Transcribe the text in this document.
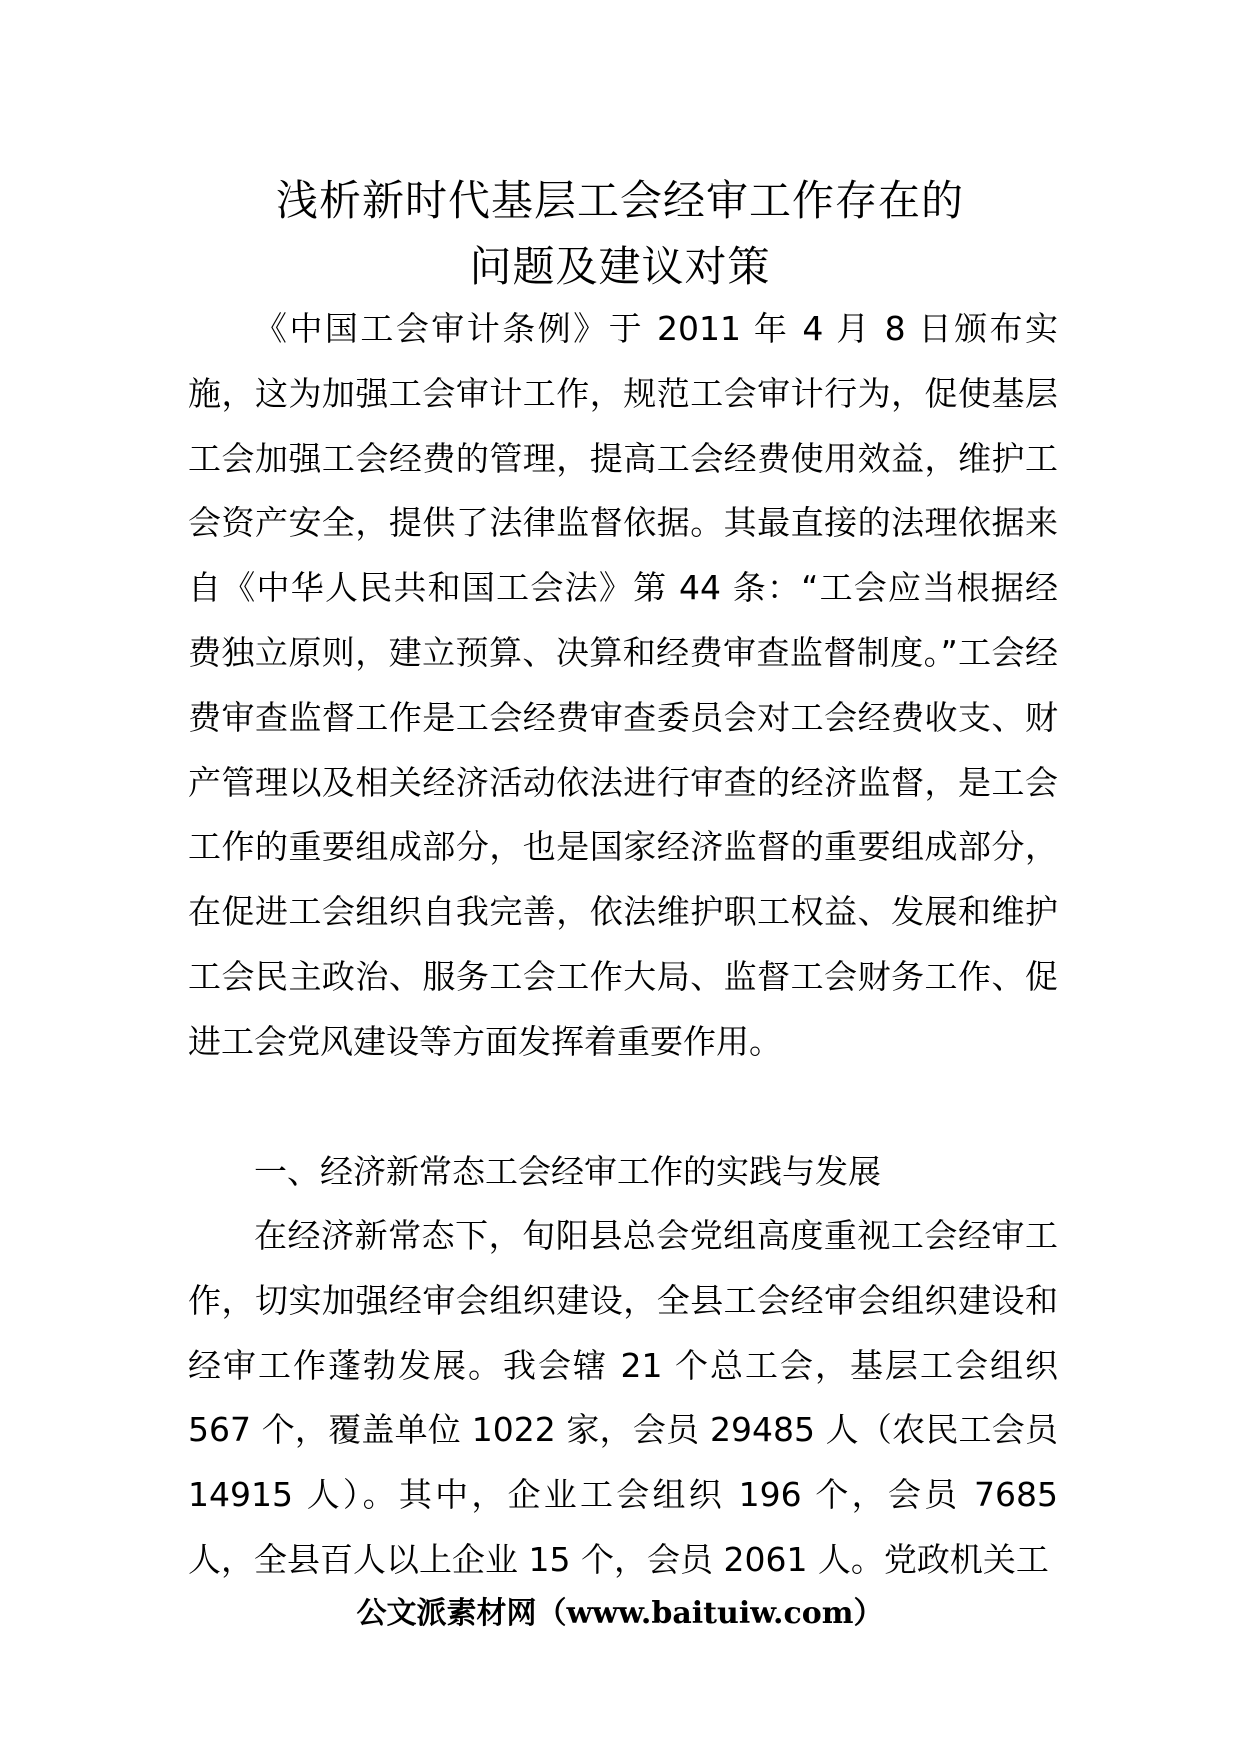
浅析新时代基层工会经审工作存在的
问题及建议对策

《中国工会审计条例》于 2011 年 4 月 8 日颁布实施，这为加强工会审计工作，规范工会审计行为，促使基层工会加强工会经费的管理，提高工会经费使用效益，维护工会资产安全，提供了法律监督依据。其最直接的法理依据来自《中华人民共和国工会法》第 44 条：“工会应当根据经费独立原则，建立预算、决算和经费审查监督制度。”工会经费审查监督工作是工会经费审查委员会对工会经费收支、财产管理以及相关经济活动依法进行审查的经济监督，是工会工作的重要组成部分，也是国家经济监督的重要组成部分，在促进工会组织自我完善，依法维护职工权益、发展和维护工会民主政治、服务工会工作大局、监督工会财务工作、促进工会党风建设等方面发挥着重要作用。

一、经济新常态工会经审工作的实践与发展

在经济新常态下，旬阳县总会党组高度重视工会经审工作，切实加强经审会组织建设，全县工会经审会组织建设和经审工作蓬勃发展。我会辖 21 个总工会，基层工会组织 567 个，覆盖单位 1022 家，会员 29485 人（农民工会员 14915 人）。其中，企业工会组织 196 个，会员 7685 人，全县百人以上企业 15 个，会员 2061 人。党政机关工

公文派素材网（www.baituiw.com）
